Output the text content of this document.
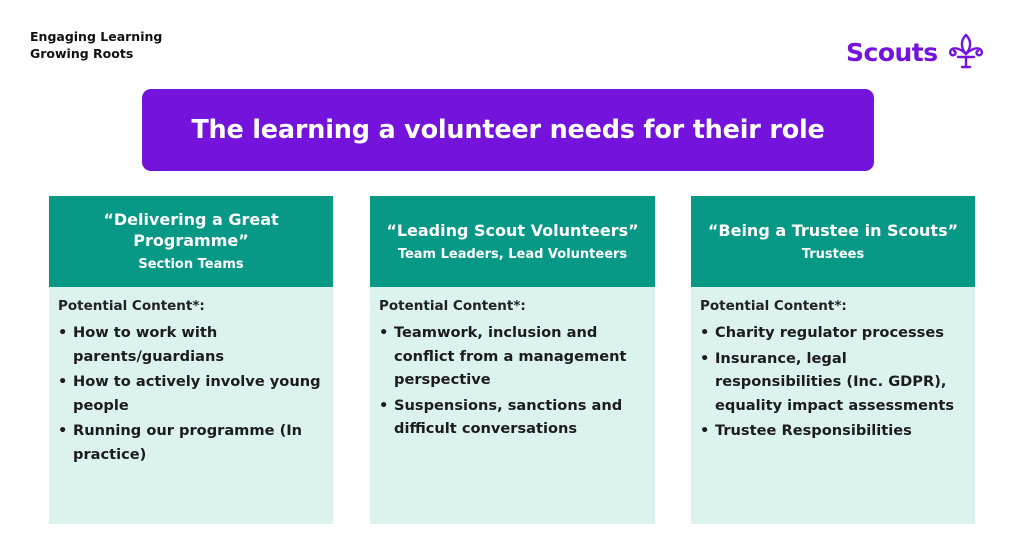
Engaging Learning
Growing Roots	Scouts
The learning a volunteer needs for their role
“Delivering a Great Programme”
Section Teams
Potential Content*:
• How to work with parents/guardians
• How to actively involve young people
• Running our programme (In practice)
“Leading Scout Volunteers”
Team Leaders, Lead Volunteers
Potential Content*:
• Teamwork, inclusion and conflict from a management perspective
• Suspensions, sanctions and difficult conversations
“Being a Trustee in Scouts”
Trustees
Potential Content*:
• Charity regulator processes
• Insurance, legal responsibilities (Inc. GDPR), equality impact assessments
• Trustee Responsibilities
